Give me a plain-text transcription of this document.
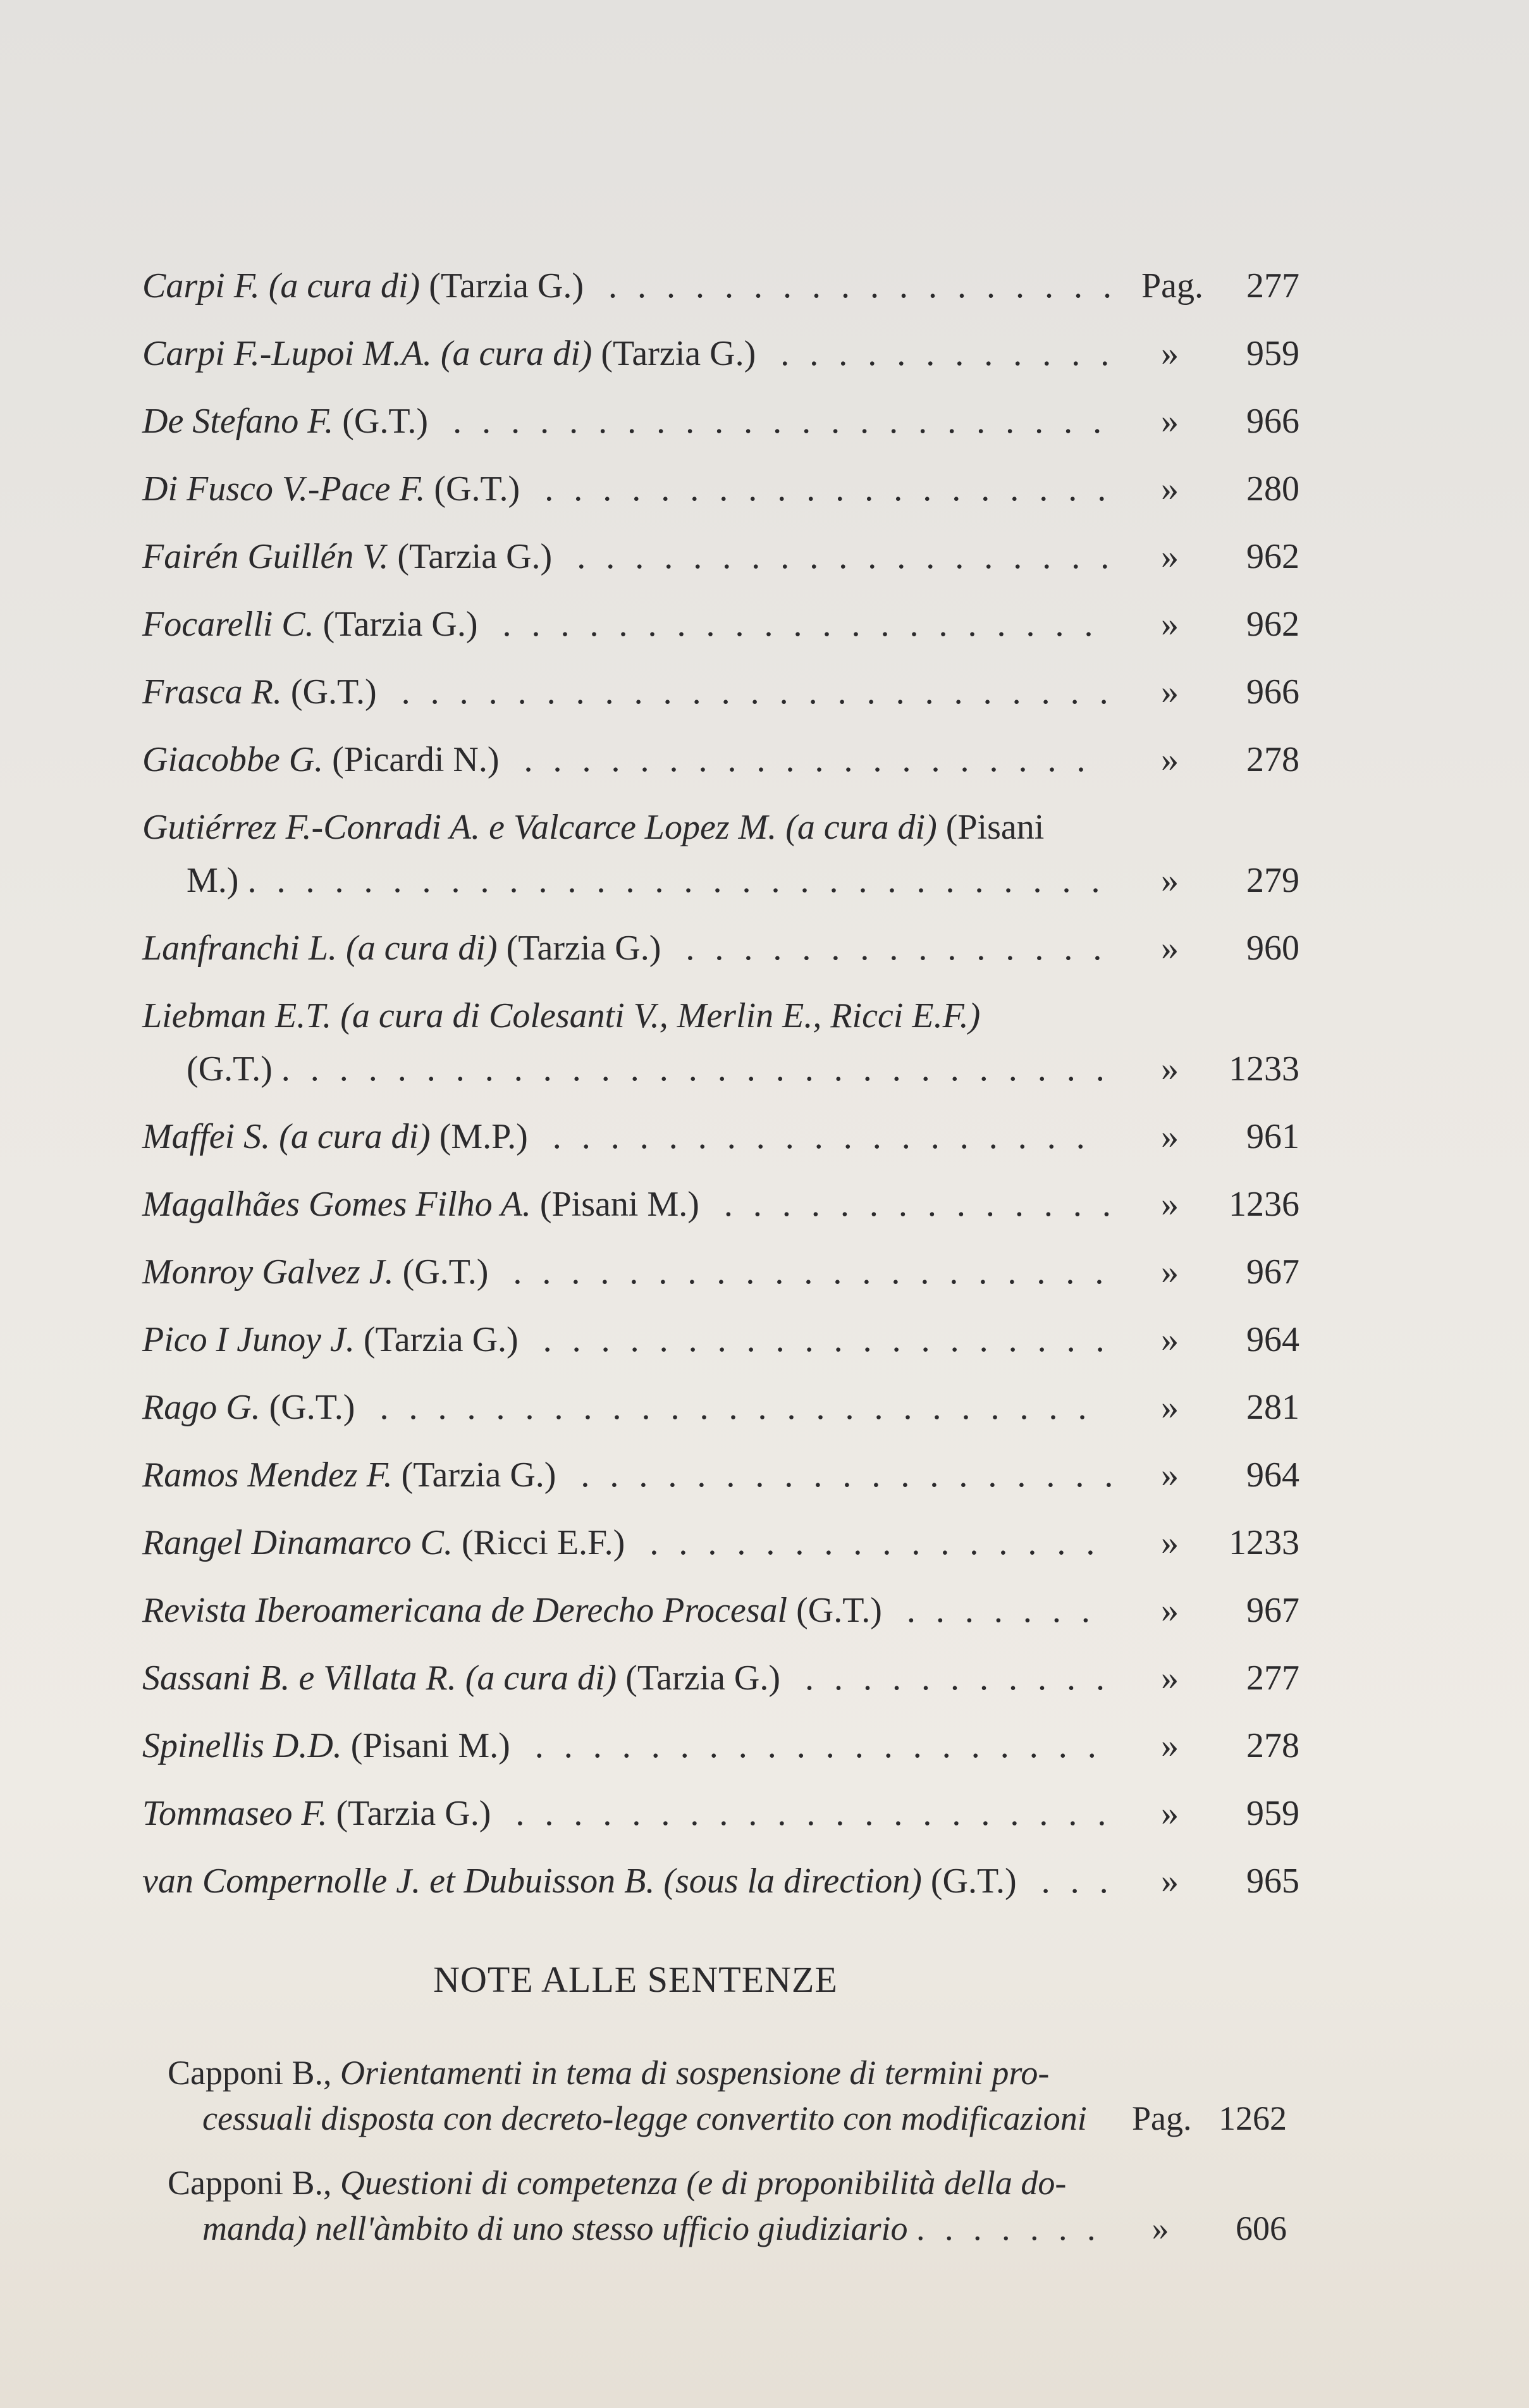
Carpi F. (a cura di) (Tarzia G.) . . . . . . . . . . . . . . . . . . Pag.	277
Carpi F.-Lupoi M.A. (a cura di) (Tarzia G.) . . . . . . . . . . . .	»	959
De Stefano F. (G.T.) . . . . . . . . . . . . . . . . . . . . . . .	»	966
Di Fusco V.-Pace F. (G.T.) . . . . . . . . . . . . . . . . . . . .	»	280
Fairén Guillén V. (Tarzia G.) . . . . . . . . . . . . . . . . . . .	»	962
Focarelli C. (Tarzia G.) . . . . . . . . . . . . . . . . . . . . .	»	962
Frasca R. (G.T.) . . . . . . . . . . . . . . . . . . . . . . . . .	»	966
Giacobbe G. (Picardi N.) . . . . . . . . . . . . . . . . . . . .	»	278
Gutiérrez F.-Conradi A. e Valcarce Lopez M. (a cura di) (Pisani
M.) . . . . . . . . . . . . . . . . . . . . . . . . . . . . . .	»	279
Lanfranchi L. (a cura di) (Tarzia G.) . . . . . . . . . . . . . . .	»	960
Liebman E.T. (a cura di Colesanti V., Merlin E., Ricci E.F.)
(G.T.) . . . . . . . . . . . . . . . . . . . . . . . . . . . . .	»	1233
Maffei S. (a cura di) (M.P.) . . . . . . . . . . . . . . . . . . .	»	961
Magalhães Gomes Filho A. (Pisani M.) . . . . . . . . . . . . . .	»	1236
Monroy Galvez J. (G.T.) . . . . . . . . . . . . . . . . . . . . .	»	967
Pico I Junoy J. (Tarzia G.) . . . . . . . . . . . . . . . . . . . .	»	964
Rago G. (G.T.) . . . . . . . . . . . . . . . . . . . . . . . . .	»	281
Ramos Mendez F. (Tarzia G.) . . . . . . . . . . . . . . . . . . .	»	964
Rangel Dinamarco C. (Ricci E.F.) . . . . . . . . . . . . . . . .	»	1233
Revista Iberoamericana de Derecho Procesal (G.T.) . . . . . . .	»	967
Sassani B. e Villata R. (a cura di) (Tarzia G.) . . . . . . . . . . .	»	277
Spinellis D.D. (Pisani M.) . . . . . . . . . . . . . . . . . . . .	»	278
Tommaseo F. (Tarzia G.) . . . . . . . . . . . . . . . . . . . . .	»	959
van Compernolle J. et Dubuisson B. (sous la direction) (G.T.) . . .	»	965
NOTE ALLE SENTENZE
Capponi B., Orientamenti in tema di sospensione di termini pro-
cessuali disposta con decreto-legge convertito con modificazioni	Pag. 1262
Capponi B., Questioni di competenza (e di proponibilità della do-
manda) nell'àmbito di uno stesso ufficio giudiziario . . . . . . .	»	606
